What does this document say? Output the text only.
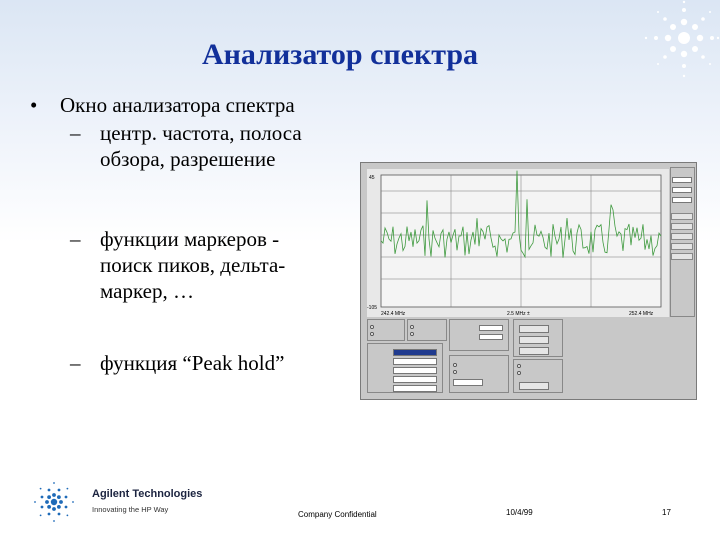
Анализатор спектра
• Окно анализатора спектра
– центр. частота, полоса
обзора, разрешение
– функции маркеров -
поиск пиков, дельта-
маркер, …
– функция “Peak hold”
45
-105
242.4 MHz	2.5 MHz ±	252.4 MHz
Agilent Technologies
Innovating the HP Way
Company Confidential	10/4/99	17
